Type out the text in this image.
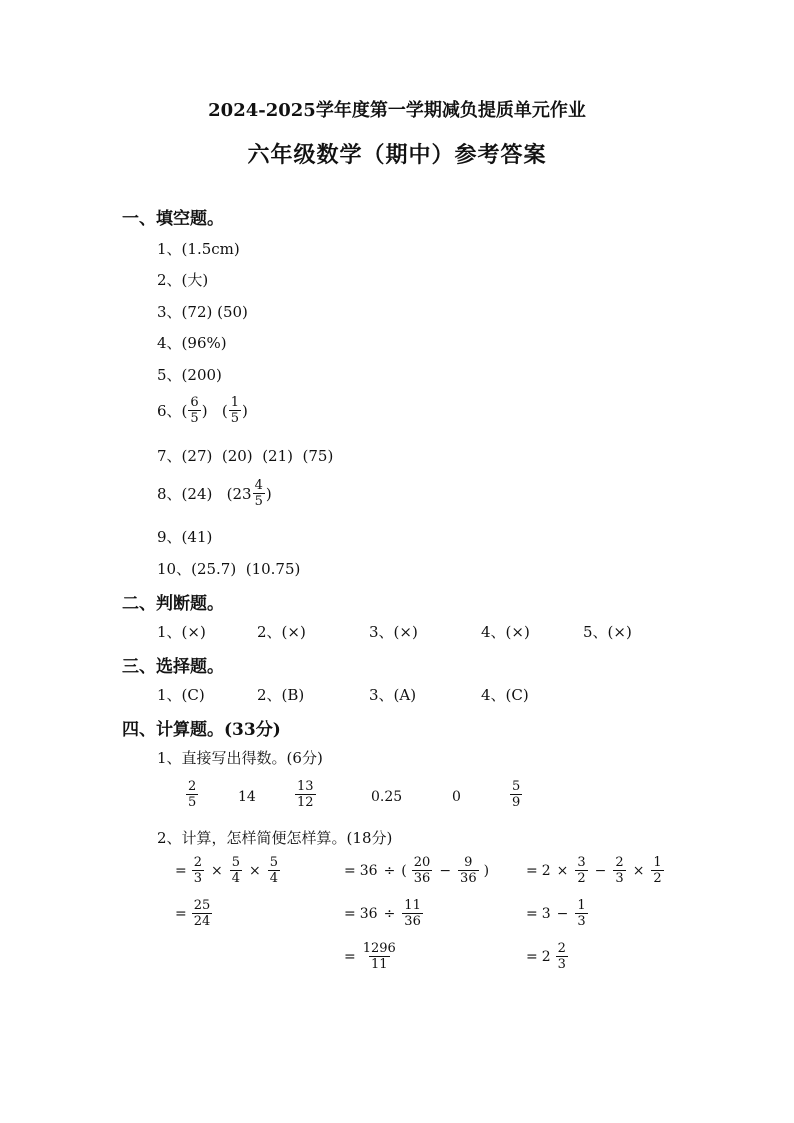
2024-2025学年度第一学期减负提质单元作业
六年级数学（期中）参考答案
一、填空题。
1、(1.5cm)
2、(大)
3、(72) (50)
4、(96%)
5、(200)
6、( $\frac{6}{5}$ )   ( $\frac{1}{5}$ )
7、(27)  (20)  (21)  (75)
8、(24)   ($23 \frac{4}{5}$ )
9、(41)
10、(25.7)  (10.75)
二、判断题。
1、(×)	2、(×)	3、(×)	4、(×)	5、(×)
三、选择题。
1、(C)	2、(B)	3、(A)	4、(C)
四、计算题。(33分)
1、直接写出得数。(6分)
$\frac{2}{5}$	14	$\frac{13}{12}$	0.25	0	$\frac{5}{9}$
2、计算，怎样简便怎样算。(18分)
= $\frac{2}{3} \times \frac{5}{4} \times \frac{5}{4}$
= $\frac{25}{24}$
= 36 ÷ ( $\frac{20}{36} - \frac{9}{36}$ )
= $36 \div \frac{11}{36}$
= $\frac{1296}{11}$
= $2 \times \frac{3}{2} - \frac{2}{3} \times \frac{1}{2}$
= $3 - \frac{1}{3}$
= $2 \frac{2}{3}$
